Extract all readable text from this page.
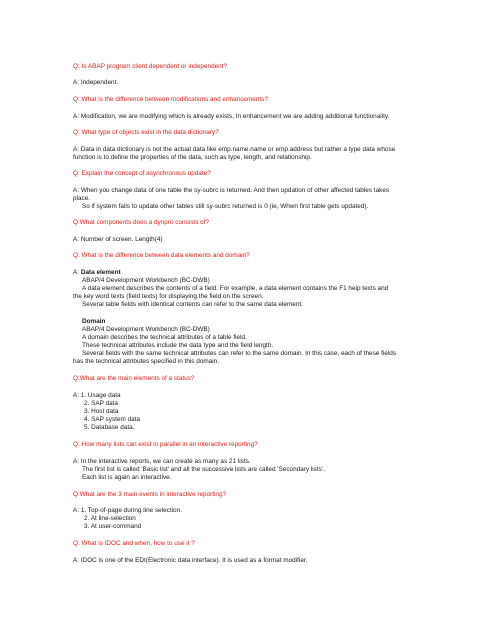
Q: Is ABAP program client dependent or independent?
A: Independent.
Q: What is the difference between modifications and enhancements?
A: Modification, we are modifying which is already exists, In enhancement we are adding additional functionality.
Q: What type of objects exist in the data dictionary?
A: Data in data dictionary is not the actual data like emp.name.name or emp.address but rather a type data whose
function is to define the properties of the data, such as type, length, and relationship.
Q: Explain the concept of asynchronous update?
A: When you change data of one table the sy-subrc is returned. And then updation of other affected tables takes
place.
So if system fails to update other tables still sy-subrc returned is 0 (ie, Whwn first table gets updated).
Q:What components does a dynpro consists of?
A: Number of screen. Length(4)
Q: What is the difference between data elements and domain?
A: Data element
ABAP/4 Development Workbench (BC-DWB)
A data element describes the contents of a field. For example, a data element contains the F1 help texts and
the key word texts (field texts) for displaying the field on the screen.
Several table fields with identical contents can refer to the same data element.
Domain
ABAP/4 Development Workbench (BC-DWB)
A domain describes the technical attributes of a table field.
These technical attributes include the data type and the field length.
Several fields with the same technical attributes can refer to the same domain. In this case, each of these fields
has the technical attributes specified in this domain.
Q:What are the main elements of a status?
A: 1. Usage data
2. SAP data
3. Host data
4. SAP system data
5. Database data.
Q: How many lists can exist in parallel in an interactive reporting?
A: In the interactive reports, we can create as many as 21 lists.
The first list is called 'Basic list' and all the successive lists are called 'Secondary lists'.
Each list is again an interactive.
Q:What are the 3 main events in interactive reporting?
A: 1. Top-of-page during line selection.
2. At line-selection
3. At user-command
Q: What is IDOC and when, how to use it ?
A: IDOC is one of the EDI(Electronic data interface). It is used as a format modifier.
